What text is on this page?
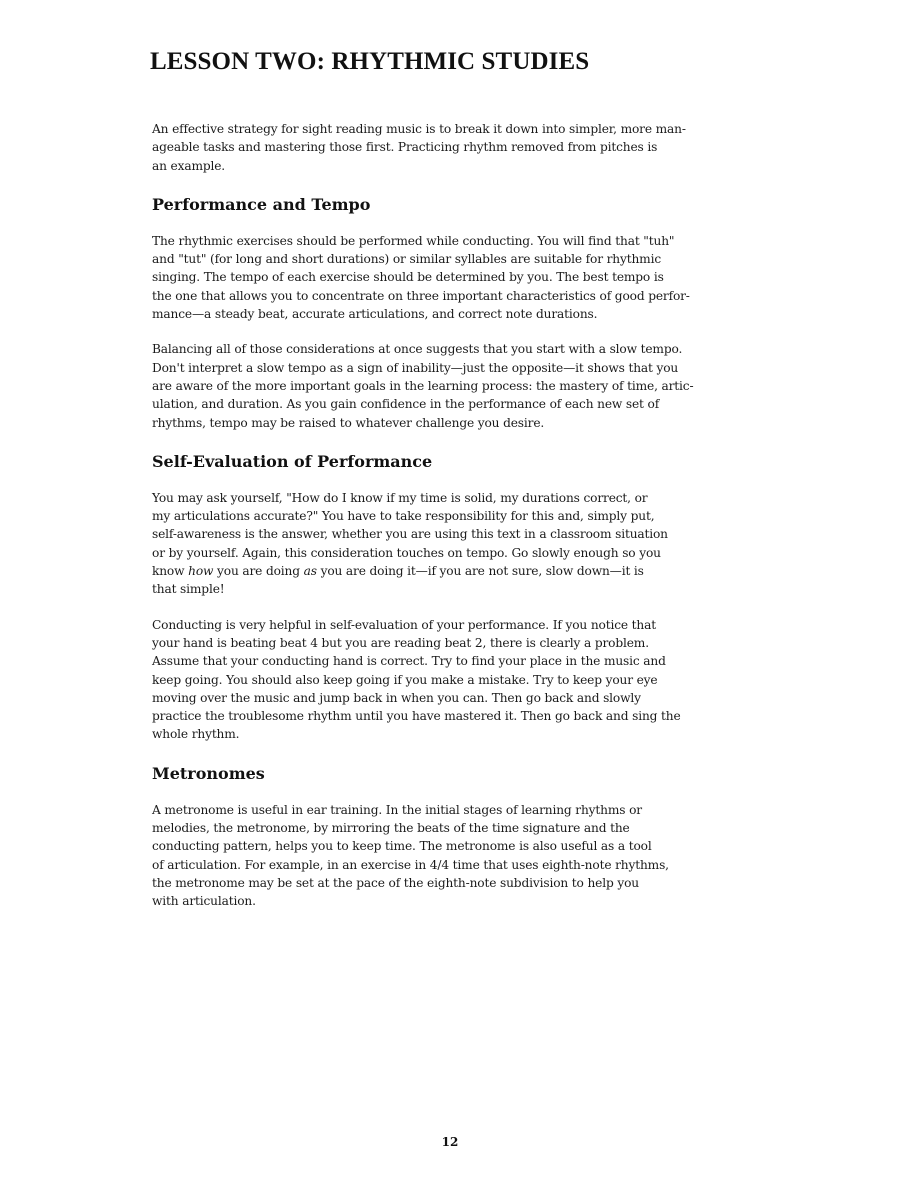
LESSON TWO: RHYTHMIC STUDIES

An effective strategy for sight reading music is to break it down into simpler, more man-
ageable tasks and mastering those first. Practicing rhythm removed from pitches is
an example.

Performance and Tempo

The rhythmic exercises should be performed while conducting. You will find that "tuh"
and "tut" (for long and short durations) or similar syllables are suitable for rhythmic
singing. The tempo of each exercise should be determined by you. The best tempo is
the one that allows you to concentrate on three important characteristics of good perfor-
mance—a steady beat, accurate articulations, and correct note durations.

Balancing all of those considerations at once suggests that you start with a slow tempo.
Don't interpret a slow tempo as a sign of inability—just the opposite—it shows that you
are aware of the more important goals in the learning process: the mastery of time, artic-
ulation, and duration. As you gain confidence in the performance of each new set of
rhythms, tempo may be raised to whatever challenge you desire.

Self-Evaluation of Performance

You may ask yourself, "How do I know if my time is solid, my durations correct, or
my articulations accurate?" You have to take responsibility for this and, simply put,
self-awareness is the answer, whether you are using this text in a classroom situation
or by yourself. Again, this consideration touches on tempo. Go slowly enough so you
know how you are doing as you are doing it—if you are not sure, slow down—it is
that simple!

Conducting is very helpful in self-evaluation of your performance. If you notice that
your hand is beating beat 4 but you are reading beat 2, there is clearly a problem.
Assume that your conducting hand is correct. Try to find your place in the music and
keep going. You should also keep going if you make a mistake. Try to keep your eye
moving over the music and jump back in when you can. Then go back and slowly
practice the troublesome rhythm until you have mastered it. Then go back and sing the
whole rhythm.

Metronomes

A metronome is useful in ear training. In the initial stages of learning rhythms or
melodies, the metronome, by mirroring the beats of the time signature and the
conducting pattern, helps you to keep time. The metronome is also useful as a tool
of articulation. For example, in an exercise in 4/4 time that uses eighth-note rhythms,
the metronome may be set at the pace of the eighth-note subdivision to help you
with articulation.

12
